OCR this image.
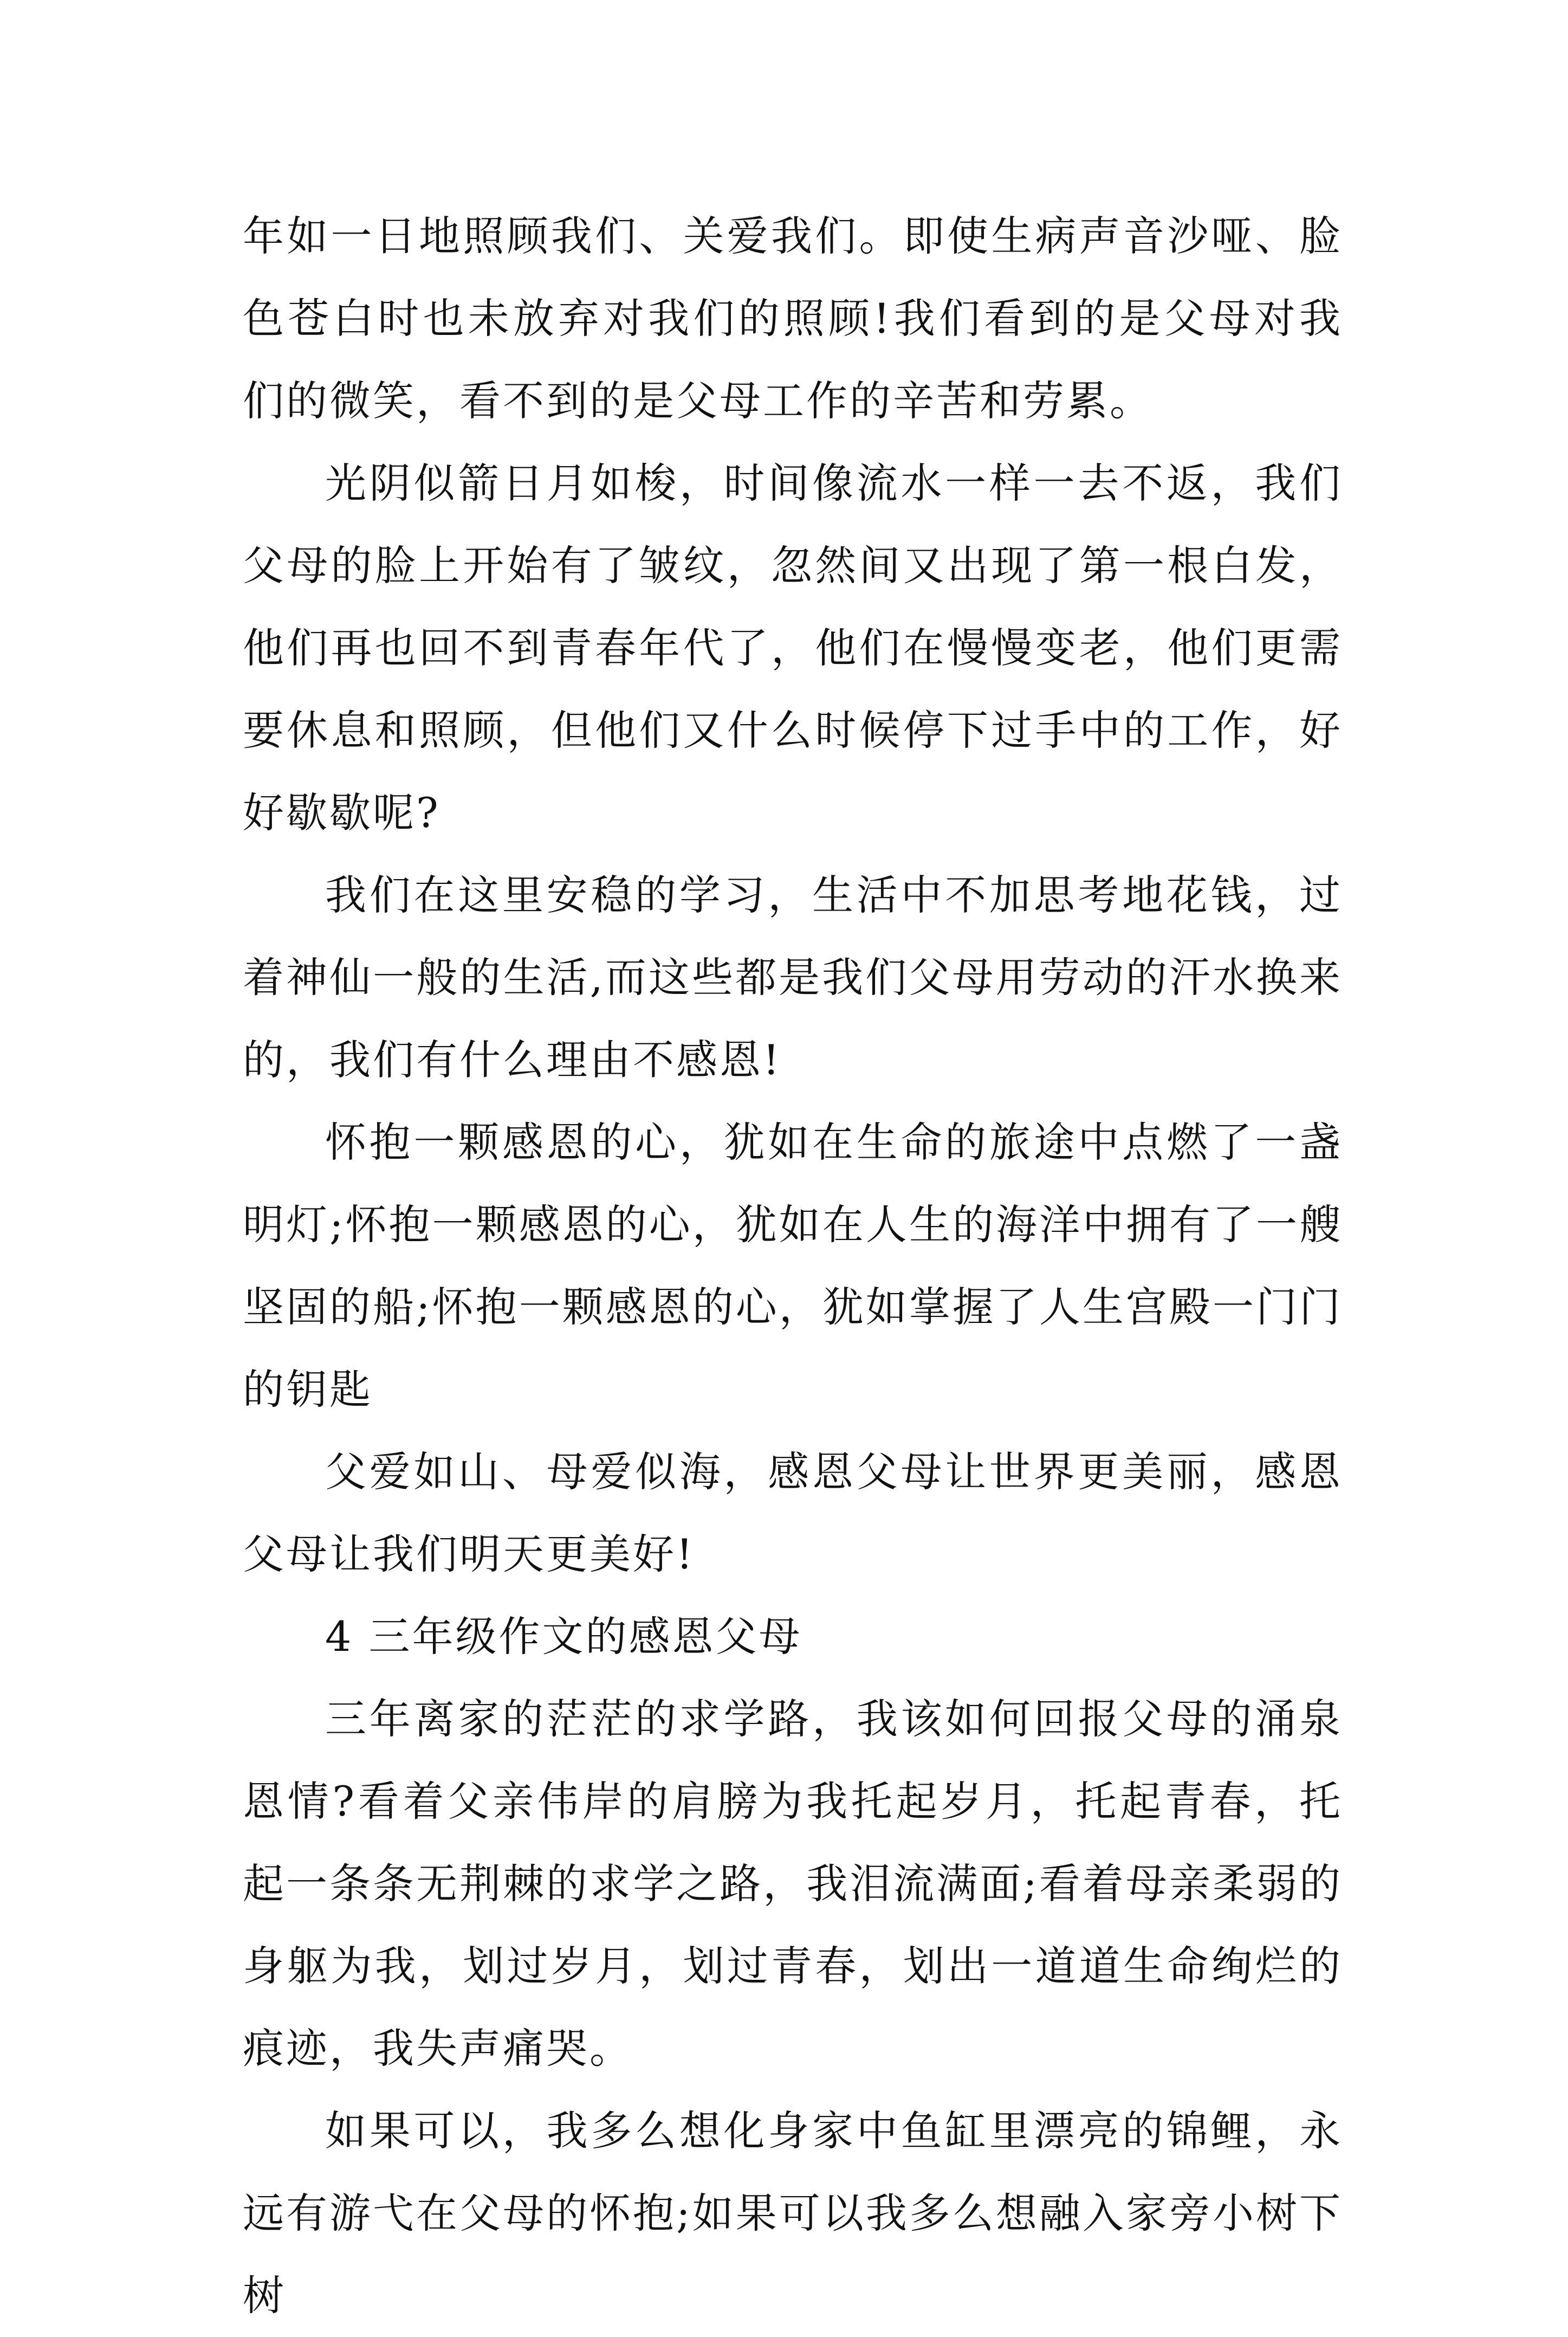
年如一日地照顾我们、关爱我们。即使生病声音沙哑、脸色苍白时也未放弃对我们的照顾!我们看到的是父母对我们的微笑，看不到的是父母工作的辛苦和劳累。

光阴似箭日月如梭，时间像流水一样一去不返，我们父母的脸上开始有了皱纹，忽然间又出现了第一根白发，他们再也回不到青春年代了，他们在慢慢变老，他们更需要休息和照顾，但他们又什么时候停下过手中的工作，好好歇歇呢?

我们在这里安稳的学习，生活中不加思考地花钱，过着神仙一般的生活,而这些都是我们父母用劳动的汗水换来的，我们有什么理由不感恩!

怀抱一颗感恩的心，犹如在生命的旅途中点燃了一盏明灯;怀抱一颗感恩的心，犹如在人生的海洋中拥有了一艘坚固的船;怀抱一颗感恩的心，犹如掌握了人生宫殿一门门的钥匙

父爱如山、母爱似海，感恩父母让世界更美丽，感恩父母让我们明天更美好!

4 三年级作文的感恩父母

三年离家的茫茫的求学路，我该如何回报父母的涌泉恩情?看着父亲伟岸的肩膀为我托起岁月，托起青春，托起一条条无荆棘的求学之路，我泪流满面;看着母亲柔弱的身躯为我，划过岁月，划过青春，划出一道道生命绚烂的痕迹，我失声痛哭。

如果可以，我多么想化身家中鱼缸里漂亮的锦鲤，永远有游弋在父母的怀抱;如果可以我多么想融入家旁小树下树
